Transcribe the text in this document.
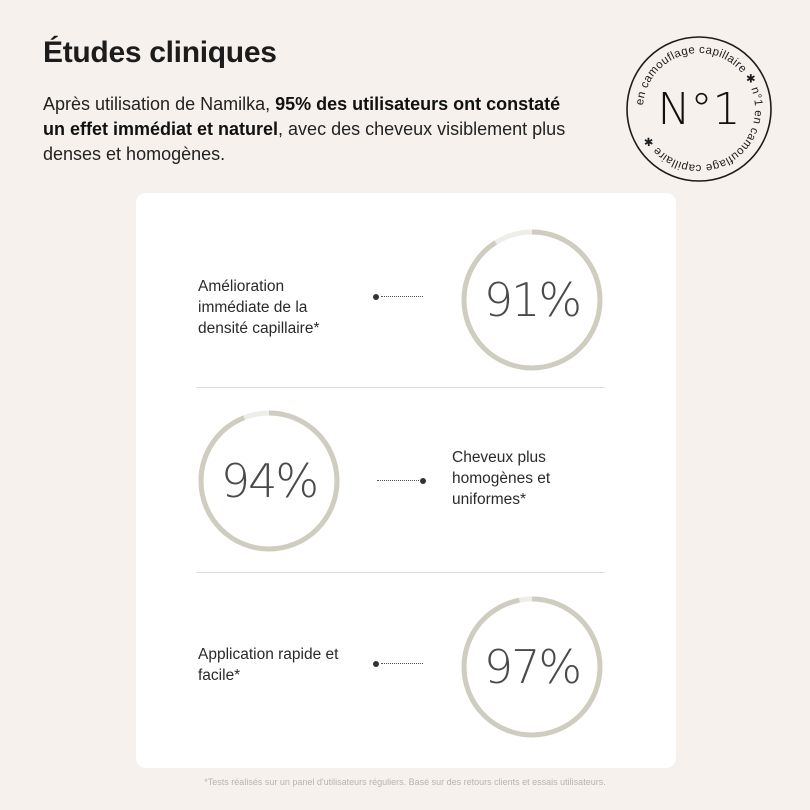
Études cliniques

Après utilisation de Namilka, 95% des utilisateurs ont constaté un effet immédiat et naturel, avec des cheveux visiblement plus denses et homogènes.

en camouflage capillaire ✱ n°1 en camouflage capillaire ✱
N°1
Amélioration immédiate de la densité capillaire*
91%
94%	Cheveux plus homogènes et uniformes*
Application rapide et facile*	97%
*Tests réalisés sur un panel d'utilisateurs réguliers. Basé sur des retours clients et essais utilisateurs.
